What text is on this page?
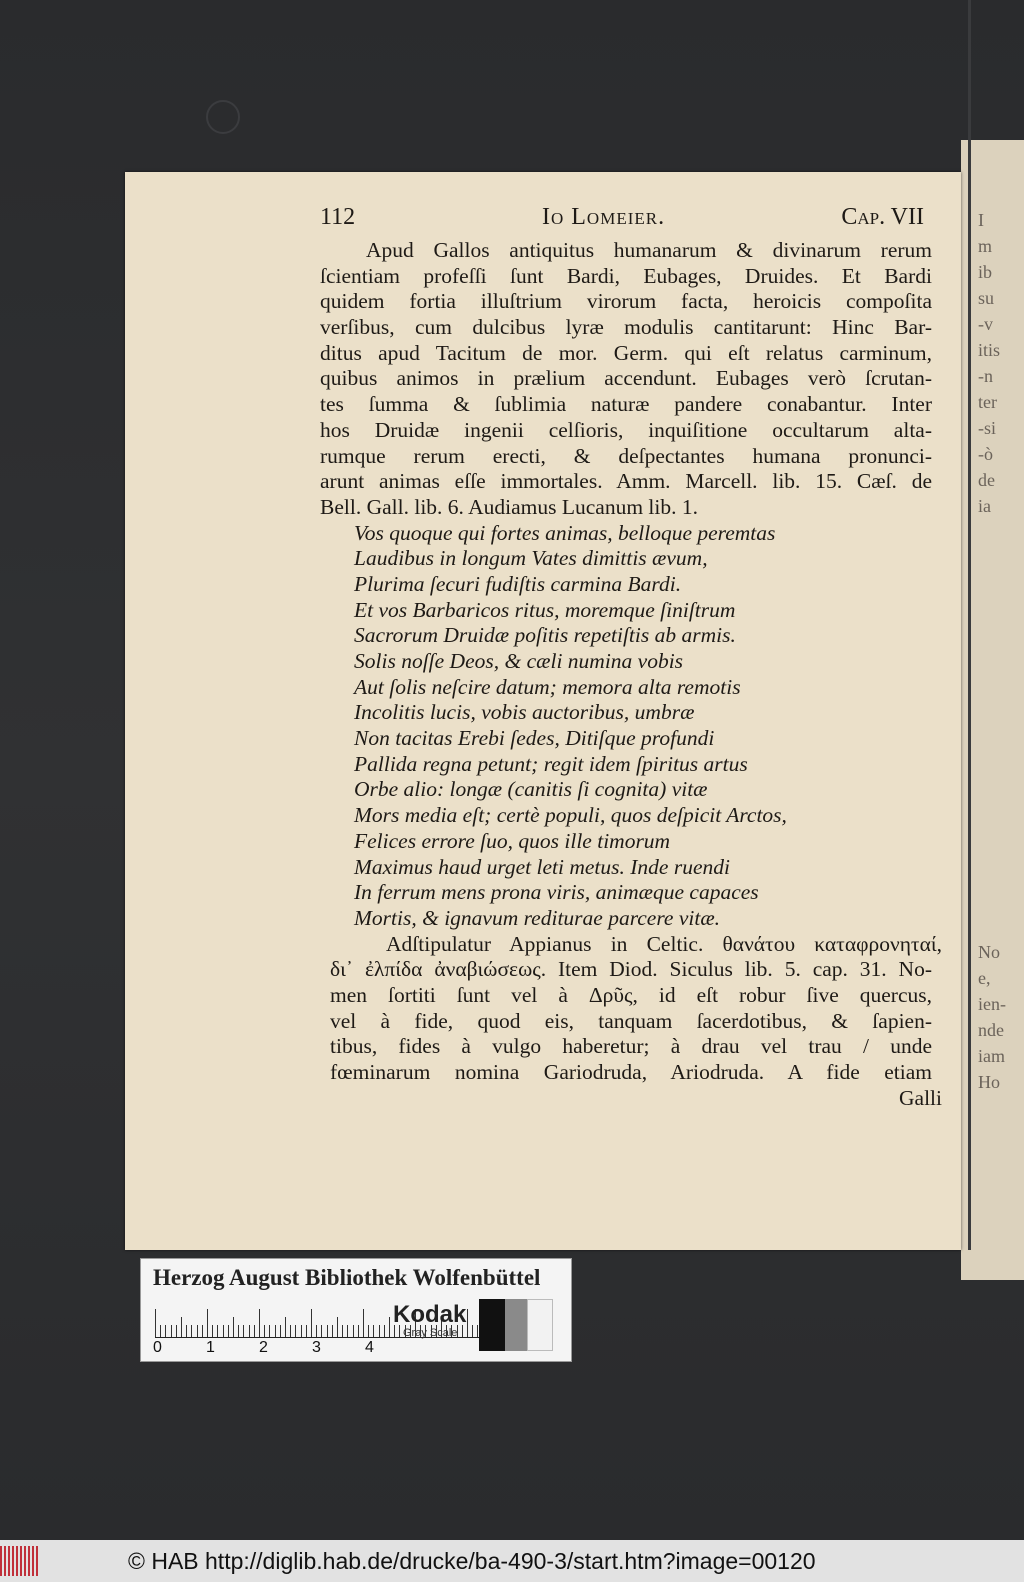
I
m
ib
su
-v
itis
-n
ter
-si
-ò
de
ia
No
e,
ien-
nde
iam
Ho
112	Io Lomeier.	Cap. VII
Apud Gallos antiquitus humanarum & divinarum rerum
ſcientiam profeſſi ſunt Bardi, Eubages, Druides. Et Bardi
quidem fortia illuſtrium virorum facta, heroicis compoſita
verſibus, cum dulcibus lyræ modulis cantitarunt: Hinc Bar-
ditus apud Tacitum de mor. Germ. qui eſt relatus carminum,
quibus animos in prælium accendunt. Eubages verò ſcrutan-
tes ſumma & ſublimia naturæ pandere conabantur. Inter
hos Druidæ ingenii celſioris, inquiſitione occultarum alta-
rumque rerum erecti, & deſpectantes humana pronunci-
arunt animas eſſe immortales. Amm. Marcell. lib. 15. Cæſ. de
Bell. Gall. lib. 6. Audiamus Lucanum lib. 1.
Vos quoque qui fortes animas, belloque peremtas
Laudibus in longum Vates dimittis ævum,
Plurima ſecuri fudiſtis carmina Bardi.
Et vos Barbaricos ritus, moremque ſiniſtrum
Sacrorum Druidæ poſitis repetiſtis ab armis.
Solis noſſe Deos, & cæli numina vobis
Aut ſolis neſcire datum; memora alta remotis
Incolitis lucis, vobis auctoribus, umbræ
Non tacitas Erebi ſedes, Ditiſque profundi
Pallida regna petunt; regit idem ſpiritus artus
Orbe alio: longæ (canitis ſi cognita) vitæ
Mors media eſt; certè populi, quos deſpicit Arctos,
Felices errore ſuo, quos ille timorum
Maximus haud urget leti metus. Inde ruendi
In ferrum mens prona viris, animæque capaces
Mortis, & ignavum rediturae parcere vitæ.
Adſtipulatur Appianus in Celtic. θανάτου καταφρονηταί,
δι᾽ ἐλπίδα ἀναβιώσεως. Item Diod. Siculus lib. 5. cap. 31. No-
men ſortiti ſunt vel à Δρῦς, id eſt robur ſive quercus,
vel à fide, quod eis, tanquam ſacerdotibus, & ſapien-
tibus, fides à vulgo haberetur; à drau vel trau / unde
fœminarum nomina Gariodruda, Ariodruda. A fide etiam
Galli
Herzog August Bibliothek Wolfenbüttel
0	1	2	3	4
Kodak
Gray Scale
© HAB http://diglib.hab.de/drucke/ba-490-3/start.htm?image=00120
